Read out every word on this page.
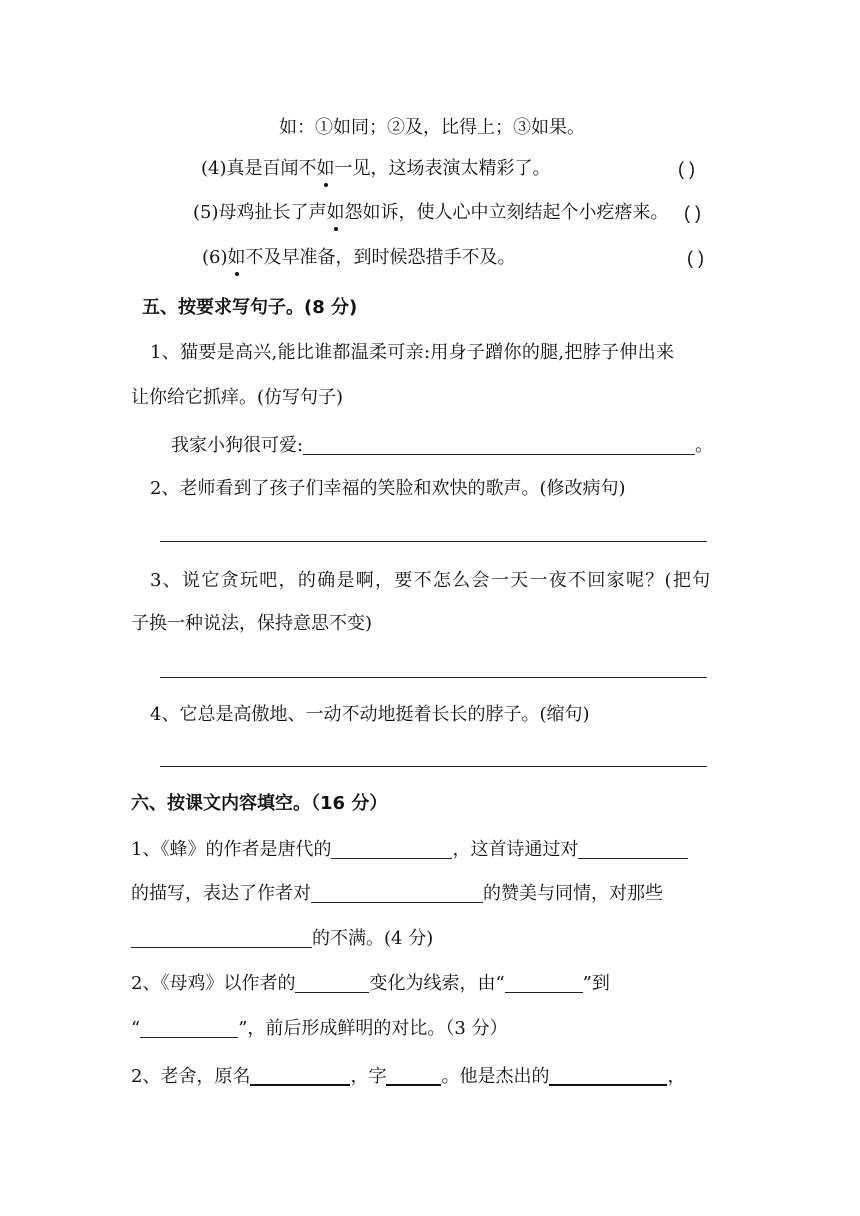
如：①如同；②及，比得上；③如果。
(4)真是百闻不如一见，这场表演太精彩了。	( )
(5)母鸡扯长了声如怨如诉，使人心中立刻结起个小疙瘩来。 ( )
(6)如不及早准备，到时候恐措手不及。	( )
五、按要求写句子。(8 分)
1、猫要是高兴,能比谁都温柔可亲:用身子蹭你的腿,把脖子伸出来
让你给它抓痒。(仿写句子)
我家小狗很可爱:	。
2、老师看到了孩子们幸福的笑脸和欢快的歌声。(修改病句)
3、说它贪玩吧，的确是啊，要不怎么会一天一夜不回家呢？(把句
子换一种说法，保持意思不变)
4、它总是高傲地、一动不动地挺着长长的脖子。(缩句)
六、按课文内容填空。（16 分）
1、《蜂》的作者是唐代的	，这首诗通过对
的描写，表达了作者对	的赞美与同情，对那些
的不满。(4 分)
2、《母鸡》以作者的	变化为线索，由“	”到
“	”，前后形成鲜明的对比。（3 分）
2、老舍，原名	，字	。他是杰出的	，
